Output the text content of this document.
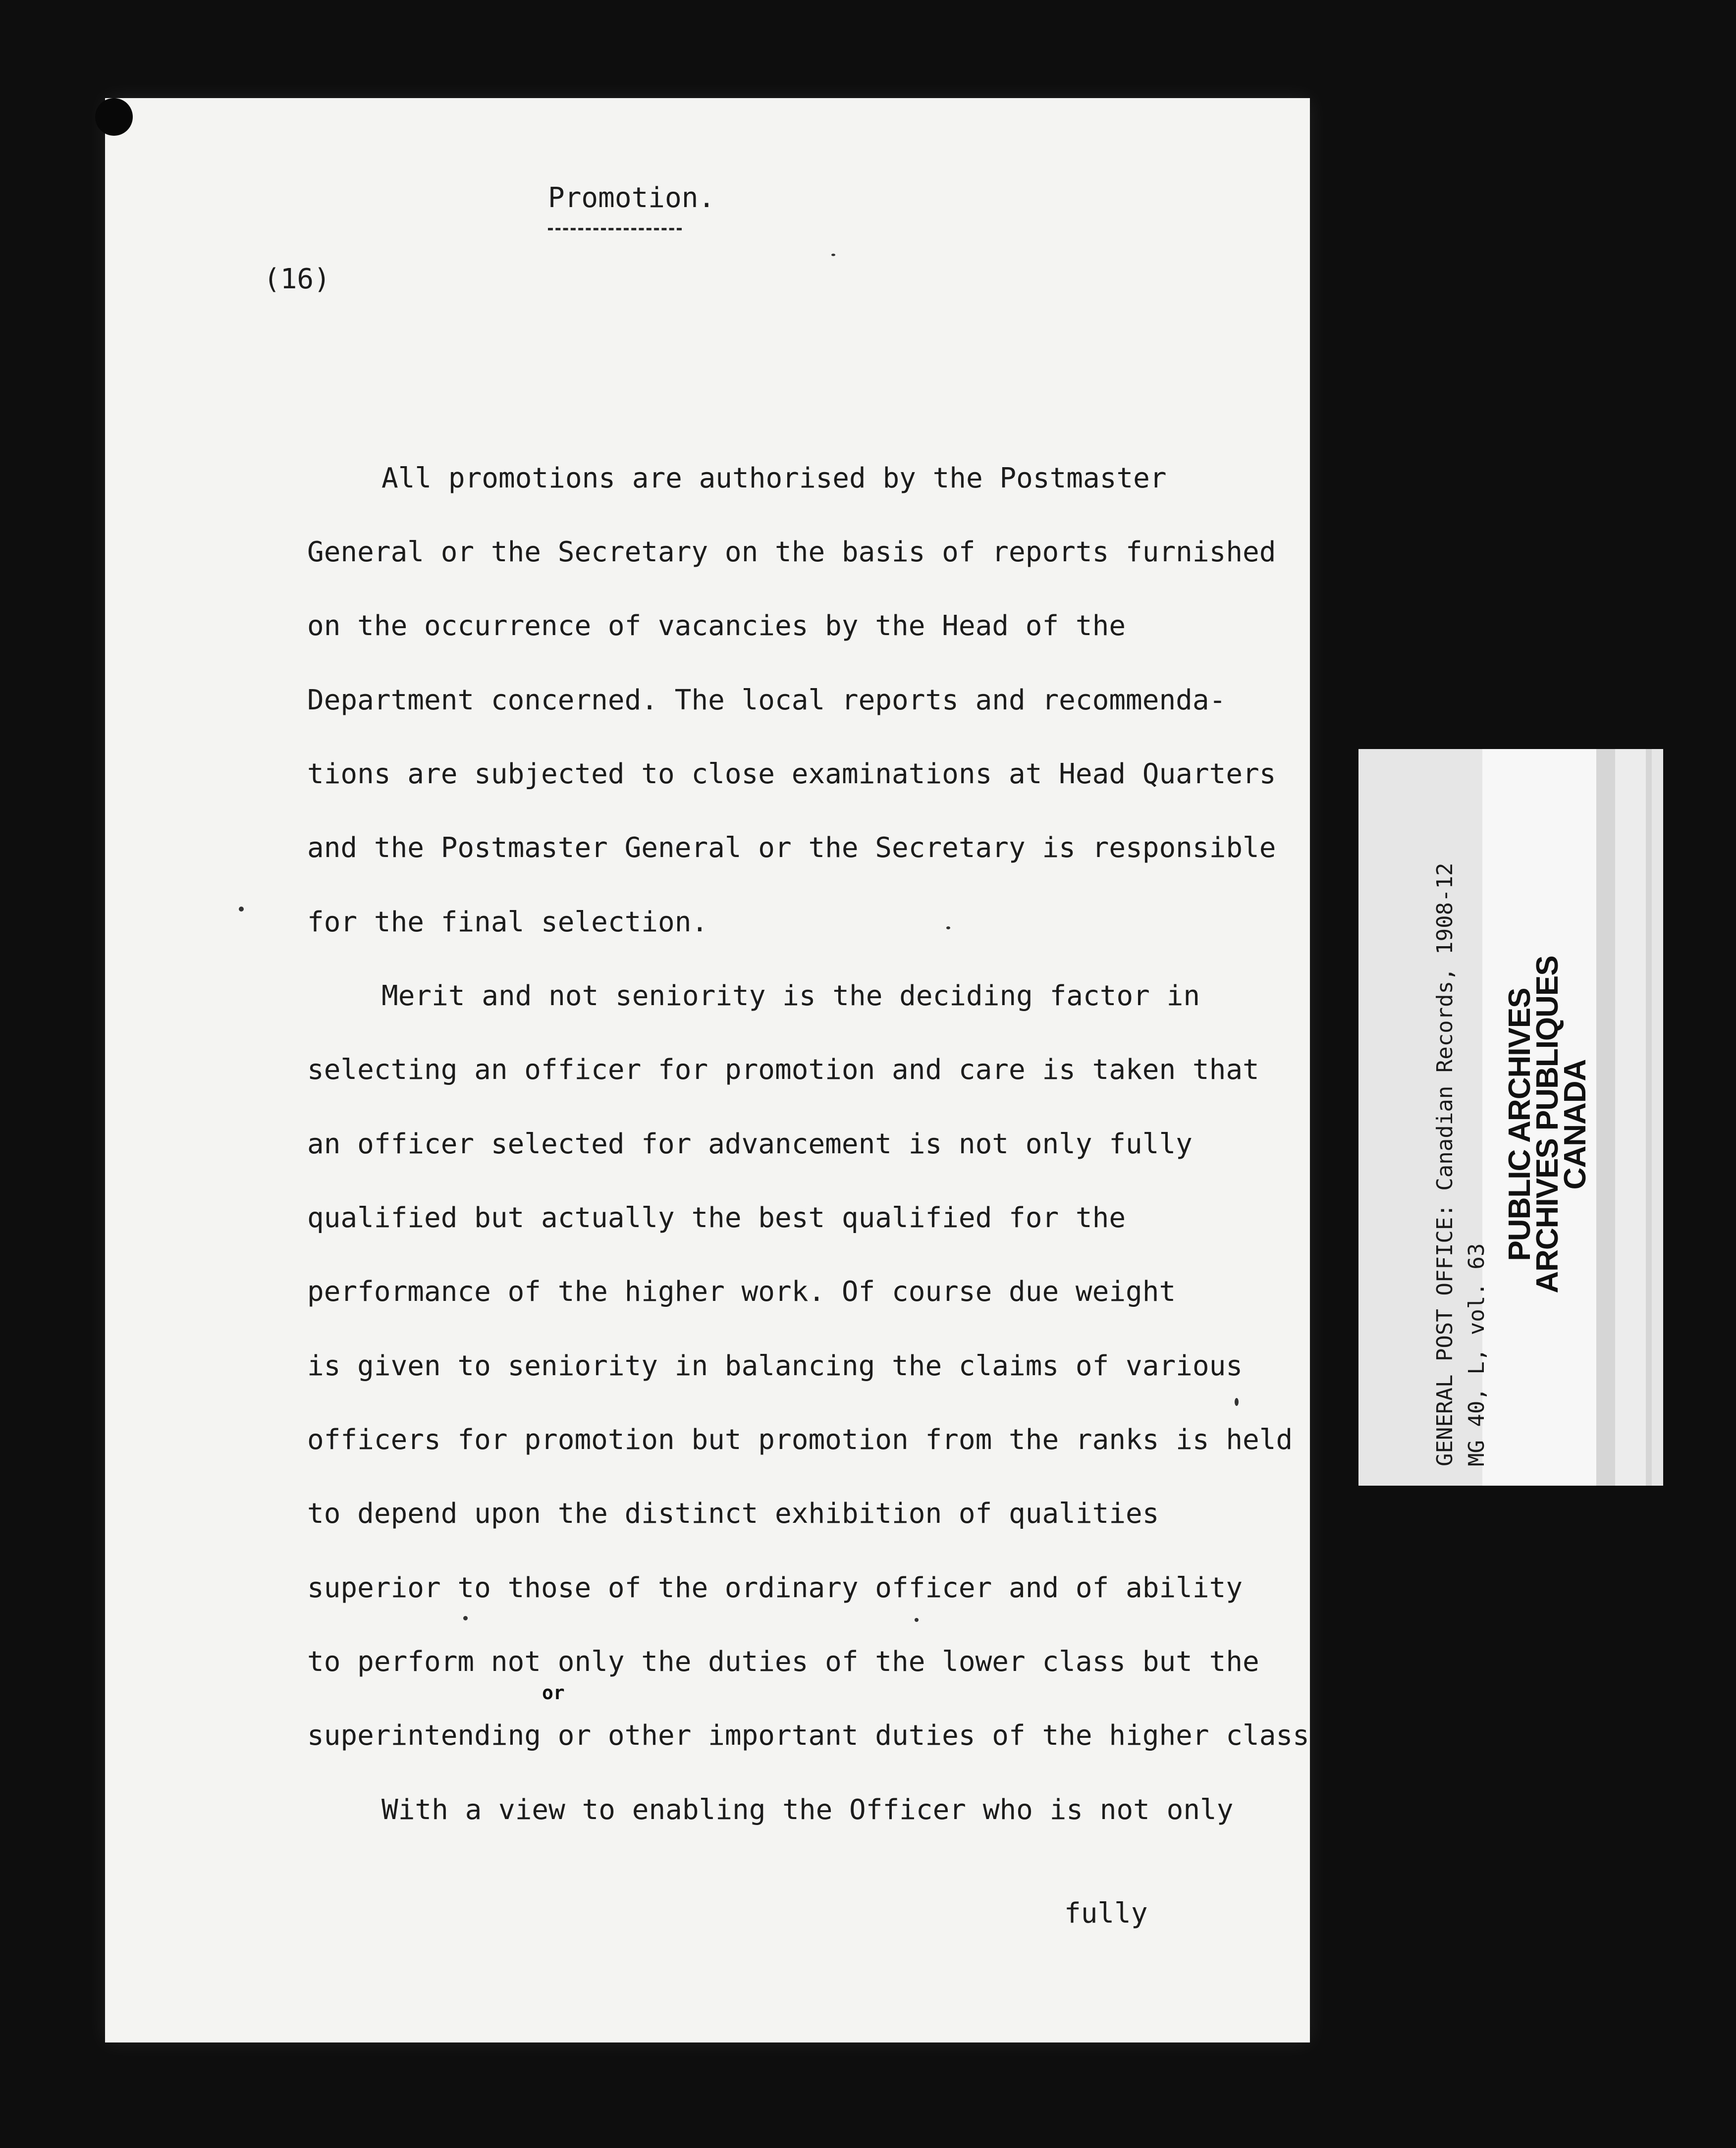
Promotion.
(16)
All promotions are authorised by the Postmaster
General or the Secretary on the basis of reports furnished
on the occurrence of vacancies by the Head of the
Department concerned. The local reports and recommenda-
tions are subjected to close examinations at Head Quarters
and the Postmaster General or the Secretary is responsible
for the final selection.
Merit and not seniority is the deciding factor in
selecting an officer for promotion and care is taken that
an officer selected for advancement is not only fully
qualified but actually the best qualified for the
performance of the higher work. Of course due weight
is given to seniority in balancing the claims of various
officers for promotion but promotion from the ranks is held
to depend upon the distinct exhibition of qualities
superior to those of the ordinary officer and of ability
to perform not only the duties of the lower class but the
superintending or other important duties of the higher class
With a view to enabling the Officer who is not only
or
fully
GENERAL POST OFFICE: Canadian Records, 1908-12 MG 40, L, vol. 63
PUBLIC ARCHIVES
ARCHIVES PUBLIQUES
CANADA
